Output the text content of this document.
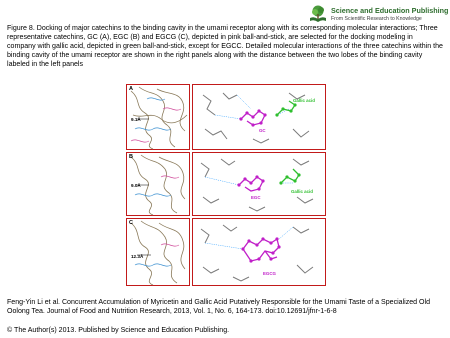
Science and Education Publishing
From Scientific Research to Knowledge

Figure 8. Docking of major catechins to the binding cavity in the umami receptor along with its corresponding molecular interactions; Three representative catechins, GC (A), EGC (B) and EGCG (C), depicted in pink ball-and-stick, are selected for the docking modeling in company with gallic acid, depicted in green ball-and-stick, except for EGCC. Detailed molecular interactions of the three catechins within the binding cavity of the umami receptor are shown in the right panels along with the distance between the two lobes of the binding cavity labeled in the left panels

9.1Å
A
Gallic acid
GC
9.0Å
B
Gallic acid
EGC
12.3Å
C
EGCG

Feng-Yin Li et al. Concurrent Accumulation of Myricetin and Gallic Acid Putatively Responsible for the Umami Taste of a Specialized Old Oolong Tea. Journal of Food and Nutrition Research, 2013, Vol. 1, No. 6, 164-173. doi:10.12691/jfnr-1-6-8

© The Author(s) 2013. Published by Science and Education Publishing.
